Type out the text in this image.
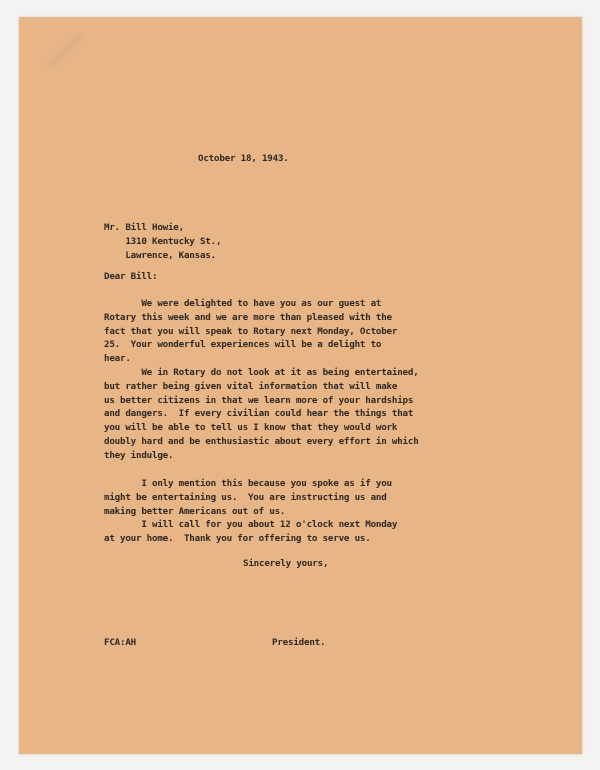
October 18, 1943.
Mr. Bill Howie,
1310 Kentucky St.,
Lawrence, Kansas.
Dear Bill:
We were delighted to have you as our guest at
Rotary this week and we are more than pleased with the
fact that you will speak to Rotary next Monday, October
25.  Your wonderful experiences will be a delight to
hear.
We in Rotary do not look at it as being entertained,
but rather being given vital information that will make
us better citizens in that we learn more of your hardships
and dangers.  If every civilian could hear the things that
you will be able to tell us I know that they would work
doubly hard and be enthusiastic about every effort in which
they indulge.
I only mention this because you spoke as if you
might be entertaining us.  You are instructing us and
making better Americans out of us.
I will call for you about 12 o'clock next Monday
at your home.  Thank you for offering to serve us.
Sincerely yours,
FCA:AH	President.
